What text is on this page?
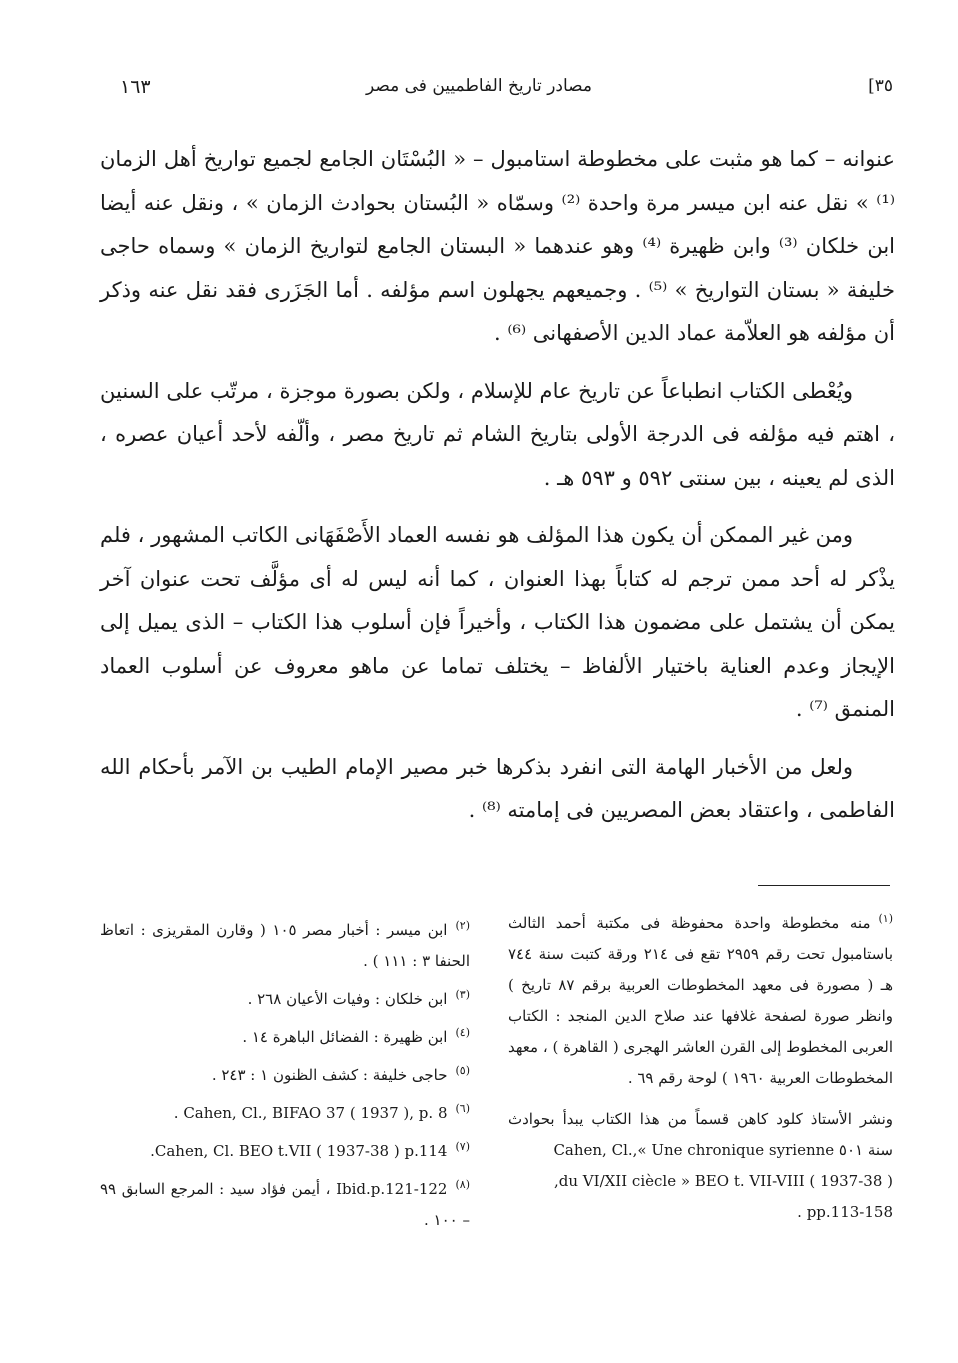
[٣٥
مصادر تاريخ الفاطميين فى مصر
١٦٣

عنوانه – كما هو مثبت على مخطوطة استامبول – « البُسْتَان الجامع لجميع تواريخ أهل الزمان ⁽¹⁾ » نقل عنه ابن ميسر مرة واحدة ⁽²⁾ وسمّاه « البُستان بحوادث الزمان » ، ونقل عنه أيضا ابن خلكان ⁽³⁾ وابن ظهيرة ⁽⁴⁾ وهو عندهما « البستان الجامع لتواريخ الزمان » وسماه حاجى خليفة « بستان التواريخ » ⁽⁵⁾ . وجميعهم يجهلون اسم مؤلفه . أما الجَزَرى فقد نقل عنه وذكر أن مؤلفه هو العلاّمة عماد الدين الأصفهانى ⁽⁶⁾ .

ويُعْطى الكتاب انطباعاً عن تاريخ عام للإسلام ، ولكن بصورة موجزة ، مرتّب على السنين ، اهتم فيه مؤلفه فى الدرجة الأولى بتاريخ الشام ثم تاريخ مصر ، وألّفه لأحد أعيان عصره ، الذى لم يعينه ، بين سنتى ٥٩٢ و ٥٩٣ هـ .

ومن غير الممكن أن يكون هذا المؤلف هو نفسه العماد الأَصْفَهَانى الكاتب المشهور ، فلم يذْكر له أحد ممن ترجم له كتاباً بهذا العنوان ، كما أنه ليس له أى مؤلَّف تحت عنوان آخر يمكن أن يشتمل على مضمون هذا الكتاب ، وأخيراً فإن أسلوب هذا الكتاب – الذى يميل إلى الإيجاز وعدم العناية باختيار الألفاظ – يختلف تماما عن ماهو معروف عن أسلوب العماد المنمق ⁽⁷⁾ .

ولعل من الأخبار الهامة التى انفرد بذكرها خبر مصير الإمام الطيب بن الآمر بأحكام الله الفاطمى ، واعتقاد بعض المصريين فى إمامته ⁽⁸⁾ .

$^{(١)}$منه مخطوطة واحدة محفوظة فى مكتبة أحمد الثالث باستامبول تحت رقم ٢٩٥٩ تقع فى ٢١٤ ورقة كتبت سنة ٧٤٤ هـ ( مصورة فى معهد المخطوطات العربية برقم ٨٧ تاريخ ) وانظر صورة لصفحة غلافها عند صلاح الدين المنجد : الكتاب العربى المخطوط إلى القرن العاشر الهجرى ( القاهرة ) ، معهد المخطوطات العربية ١٩٦٠ ) لوحة رقم ٦٩ .

ونشر الأستاذ كلود كاهن قسماً من هذا الكتاب يبدأ بحوادث سنة ٥٠١ Cahen, Cl.,« Une chronique syrienne
du VI/XII ciècle » BEO t. VII-VIII ( 1937-38 ),
pp.113-158 .

$^{(٢)}$ابن ميسر : أخبار مصر ١٠٥ ( وقارن المقريزى : اتعاظ الحنفا ٣ : ١١١ ) .
$^{(٣)}$ابن خلكان : وفيات الأعيان ٢٦٨ .
$^{(٤)}$ابن ظهيرة : الفضائل الباهرة ١٤ .
$^{(٥)}$حاجى خليفة : كشف الظنون ١ : ٢٤٣ .
$^{(٦)}$Cahen, Cl., BIFAO 37 ( 1937 ), p. 8 .
$^{(٧)}$Cahen, Cl. BEO t.VII ( 1937-38 ) p.114.
$^{(٨)}$Ibid.p.121-122 ، أيمن فؤاد سيد : المرجع السابق ٩٩ – ١٠٠ .
